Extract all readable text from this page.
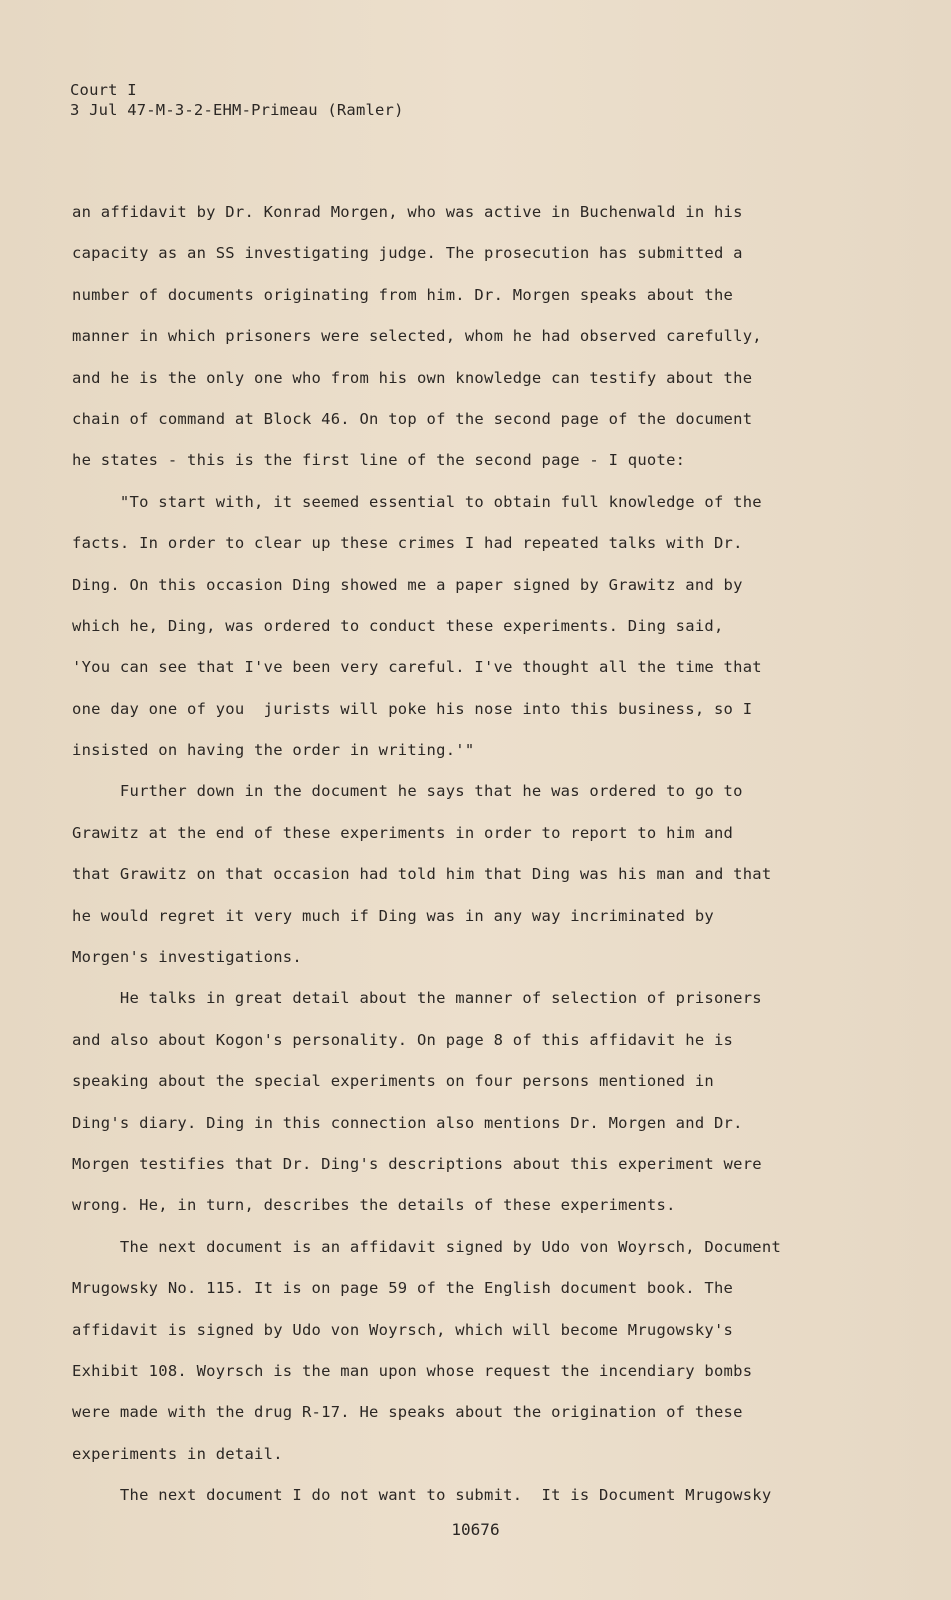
Court I
3 Jul 47-M-3-2-EHM-Primeau (Ramler)
an affidavit by Dr. Konrad Morgen, who was active in Buchenwald in his
capacity as an SS investigating judge. The prosecution has submitted a
number of documents originating from him. Dr. Morgen speaks about the
manner in which prisoners were selected, whom he had observed carefully,
and he is the only one who from his own knowledge can testify about the
chain of command at Block 46. On top of the second page of the document
he states - this is the first line of the second page - I quote:
"To start with, it seemed essential to obtain full knowledge of the
facts. In order to clear up these crimes I had repeated talks with Dr.
Ding. On this occasion Ding showed me a paper signed by Grawitz and by
which he, Ding, was ordered to conduct these experiments. Ding said,
'You can see that I've been very careful. I've thought all the time that
one day one of you  jurists will poke his nose into this business, so I
insisted on having the order in writing.'"
Further down in the document he says that he was ordered to go to
Grawitz at the end of these experiments in order to report to him and
that Grawitz on that occasion had told him that Ding was his man and that
he would regret it very much if Ding was in any way incriminated by
Morgen's investigations.
He talks in great detail about the manner of selection of prisoners
and also about Kogon's personality. On page 8 of this affidavit he is
speaking about the special experiments on four persons mentioned in
Ding's diary. Ding in this connection also mentions Dr. Morgen and Dr.
Morgen testifies that Dr. Ding's descriptions about this experiment were
wrong. He, in turn, describes the details of these experiments.
The next document is an affidavit signed by Udo von Woyrsch, Document
Mrugowsky No. 115. It is on page 59 of the English document book. The
affidavit is signed by Udo von Woyrsch, which will become Mrugowsky's
Exhibit 108. Woyrsch is the man upon whose request the incendiary bombs
were made with the drug R-17. He speaks about the origination of these
experiments in detail.
The next document I do not want to submit.  It is Document Mrugowsky
10676
